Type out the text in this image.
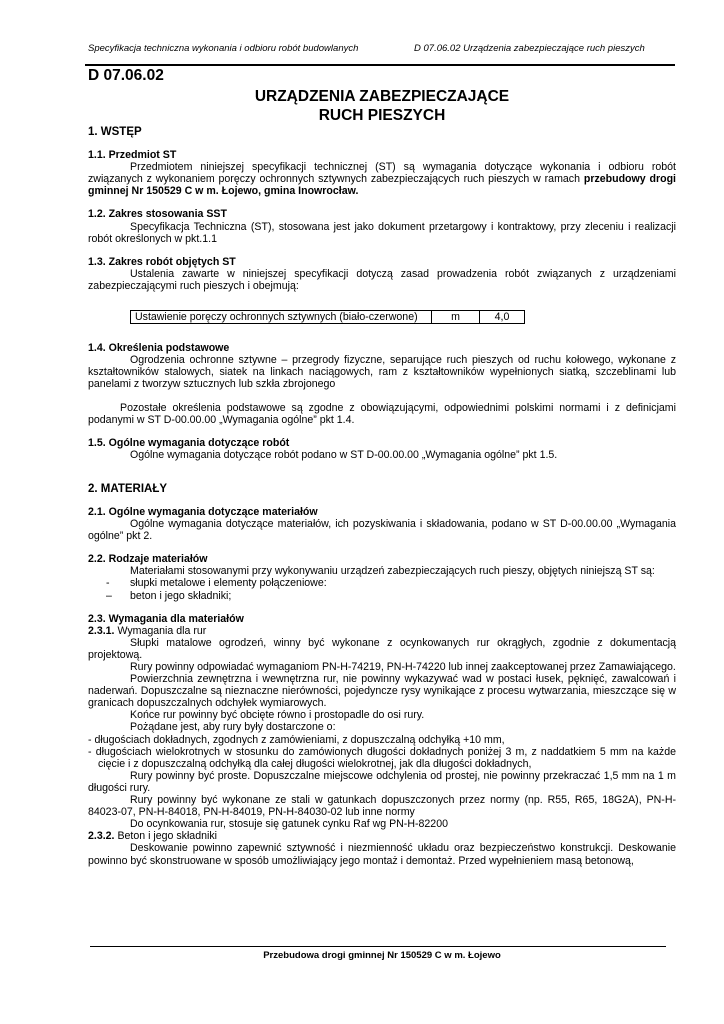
Specyfikacja techniczna wykonania i odbioru robót budowlanych	D 07.06.02 Urządzenia zabezpieczające ruch pieszych
D 07.06.02
URZĄDZENIA ZABEZPIECZAJĄCE
RUCH PIESZYCH
1. WSTĘP
1.1. Przedmiot ST

Przedmiotem niniejszej specyfikacji technicznej (ST) są wymagania dotyczące wykonania i odbioru robót związanych z wykonaniem poręczy ochronnych sztywnych zabezpieczających ruch pieszych w ramach przebudowy drogi gminnej Nr 150529 C w m. Łojewo, gmina Inowrocław.

1.2. Zakres stosowania SST

Specyfikacja Techniczna (ST), stosowana jest jako dokument przetargowy i kontraktowy, przy zleceniu i realizacji robót określonych w pkt.1.1

1.3. Zakres robót objętych ST

Ustalenia zawarte w niniejszej specyfikacji dotyczą zasad prowadzenia robót związanych z urządzeniami zabezpieczającymi ruch pieszych i obejmują:

Ustawienie poręczy ochronnych sztywnych (biało-czerwone)	m	4,0
1.4. Określenia podstawowe

Ogrodzenia ochronne sztywne – przegrody fizyczne, separujące ruch pieszych od ruchu kołowego, wykonane z kształtowników stalowych, siatek na linkach naciągowych, ram z kształtowników wypełnionych siatką, szczeblinami lub panelami z tworzyw sztucznych lub szkła zbrojonego

Pozostałe określenia podstawowe są zgodne z obowiązującymi, odpowiednimi polskimi normami i z definicjami podanymi w ST D-00.00.00 „Wymagania ogólne” pkt 1.4.

1.5. Ogólne wymagania dotyczące robót

Ogólne wymagania dotyczące robót podano w ST D-00.00.00 „Wymagania ogólne” pkt 1.5.

2. MATERIAŁY
2.1. Ogólne wymagania dotyczące materiałów

Ogólne wymagania dotyczące materiałów, ich pozyskiwania i składowania, podano w ST D-00.00.00 „Wymagania ogólne” pkt 2.

2.2. Rodzaje materiałów

Materiałami stosowanymi przy wykonywaniu urządzeń zabezpieczających ruch pieszy, objętych niniejszą ST są:

-	słupki metalowe i elementy połączeniowe:
–	beton i jego składniki;
2.3. Wymagania dla materiałów

2.3.1. Wymagania dla rur

Słupki matalowe ogrodzeń, winny być wykonane z ocynkowanych rur okrągłych, zgodnie z dokumentacją projektową.

Rury powinny odpowiadać wymaganiom PN-H-74219, PN-H-74220 lub innej zaakceptowanej przez Zamawiającego.

Powierzchnia zewnętrzna i wewnętrzna rur, nie powinny wykazywać wad w postaci łusek, pęknięć, zawalcowań i naderwań. Dopuszczalne są nieznaczne nierówności, pojedyncze rysy wynikające z procesu wytwarzania, mieszczące się w granicach dopuszczalnych odchyłek wymiarowych.

Końce rur powinny być obcięte równo i prostopadle do osi rury.

Pożądane jest, aby rury były dostarczone o:

- długościach dokładnych, zgodnych z zamówieniami, z dopuszczalną odchyłką +10 mm,

- długościach wielokrotnych w stosunku do zamówionych długości dokładnych poniżej 3 m, z naddatkiem 5 mm na każde cięcie i z dopuszczalną odchyłką dla całej długości wielokrotnej, jak dla długości dokładnych,

Rury powinny być proste. Dopuszczalne miejscowe odchylenia od prostej, nie powinny przekraczać 1,5 mm na 1 m długości rury.

Rury powinny być wykonane ze stali w gatunkach dopuszczonych przez normy (np. R55, R65, 18G2A), PN-H-84023-07, PN-H-84018, PN-H-84019, PN-H-84030-02 lub inne normy

Do ocynkowania rur, stosuje się gatunek cynku Raf wg PN-H-82200

2.3.2. Beton i jego składniki

Deskowanie powinno zapewnić sztywność i niezmienność układu oraz bezpieczeństwo konstrukcji. Deskowanie powinno być skonstruowane w sposób umożliwiający jego montaż i demontaż. Przed wypełnieniem masą betonową,

Przebudowa drogi gminnej Nr 150529 C w m. Łojewo
